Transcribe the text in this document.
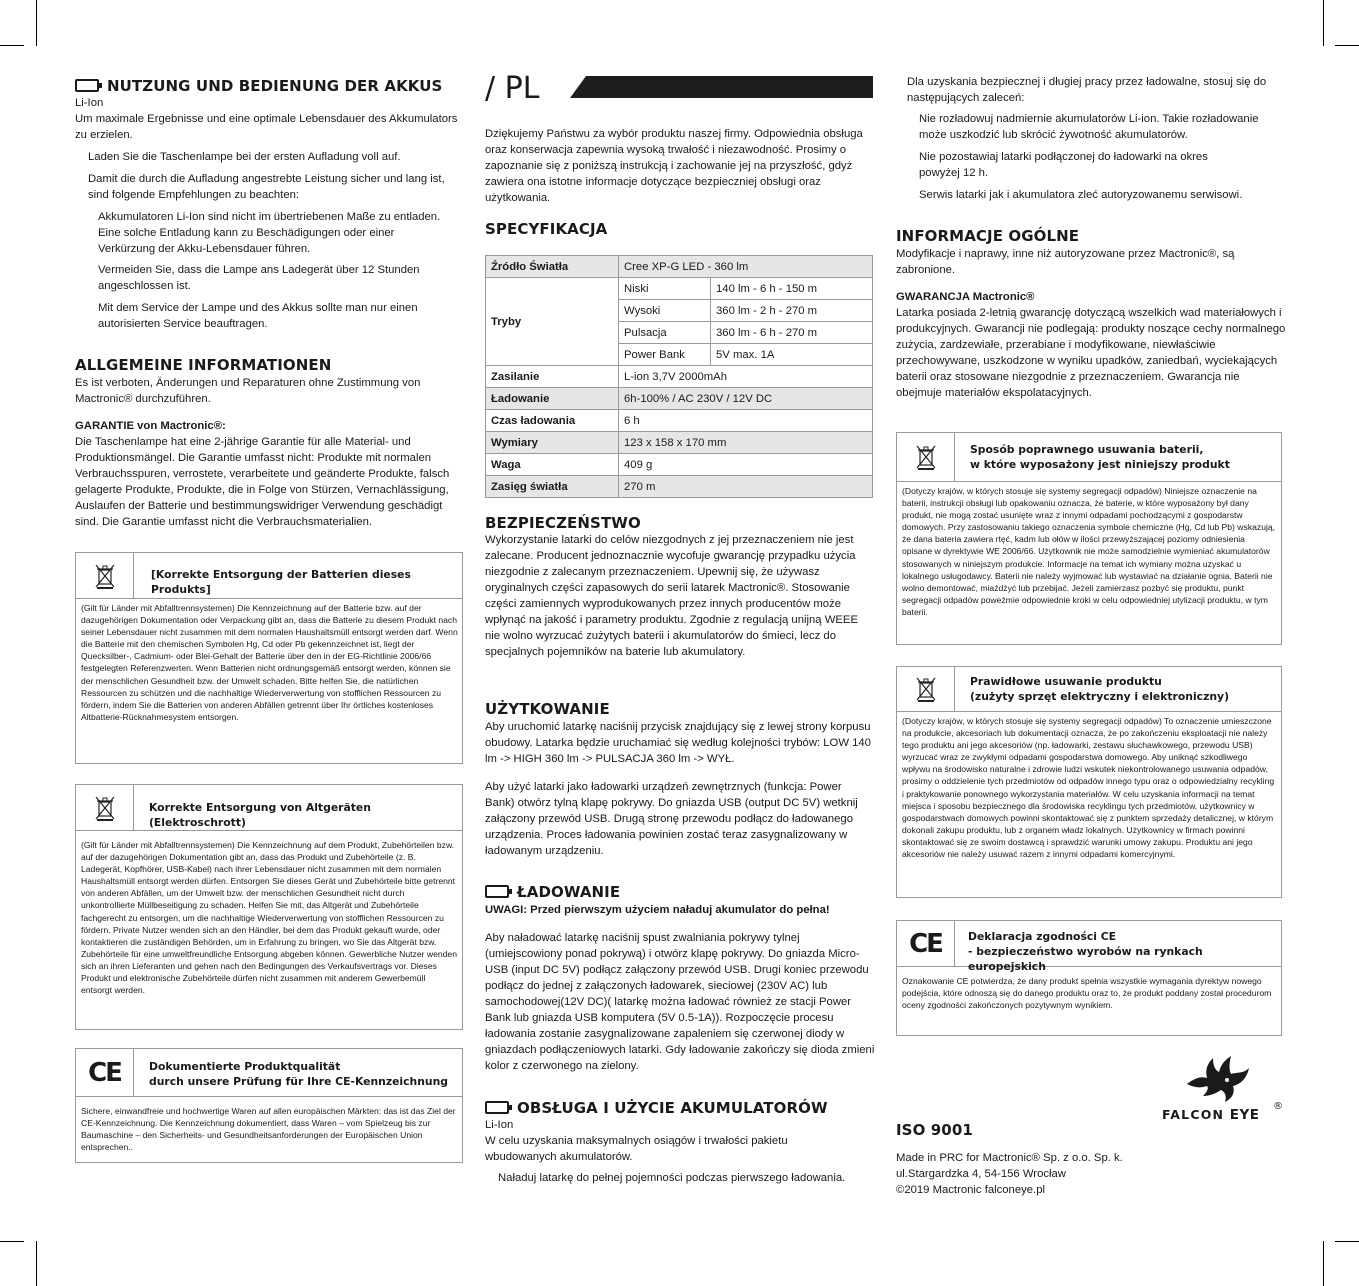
NUTZUNG UND BEDIENUNG DER AKKUS
Li-Ion
Um maximale Ergebnisse und eine optimale Lebensdauer des Akkumulators zu erzielen.
Laden Sie die Taschenlampe bei der ersten Aufladung voll auf.
Damit die durch die Aufladung angestrebte Leistung sicher und lang ist, sind folgende Empfehlungen zu beachten:
Akkumulatoren Li-Ion sind nicht im übertriebenen Maße zu entladen. Eine solche Entladung kann zu Beschädigungen oder einer Verkürzung der Akku-Lebensdauer führen.
Vermeiden Sie, dass die Lampe ans Ladegerät über 12 Stunden angeschlossen ist.
Mit dem Service der Lampe und des Akkus sollte man nur einen autorisierten Service beauftragen.
ALLGEMEINE INFORMATIONEN
Es ist verboten, Änderungen und Reparaturen ohne Zustimmung von Mactronic® durchzuführen.
GARANTIE von Mactronic®:
Die Taschenlampe hat eine 2-jährige Garantie für alle Material- und Produktionsmängel. Die Garantie umfasst nicht: Produkte mit normalen Verbrauchsspuren, verrostete, verarbeitete und geänderte Produkte, falsch gelagerte Produkte, Produkte, die in Folge von Stürzen, Vernachlässigung, Auslaufen der Batterie und bestimmungswidriger Verwendung geschädigt sind. Die Garantie umfasst nicht die Verbrauchsmaterialien.
[Korrekte Entsorgung der Batterien dieses Produkts]
(Gilt für Länder mit Abfalltrennsystemen) Die Kennzeichnung auf der Batterie bzw. auf der dazugehörigen Dokumentation oder Verpackung gibt an, dass die Batterie zu diesem Produkt nach seiner Lebensdauer nicht zusammen mit dem normalen Haushaltsmüll entsorgt werden darf. Wenn die Batterie mit den chemischen Symbolen Hg, Cd oder Pb gekennzeichnet ist, liegt der Quecksilber-, Cadmium- oder Blei-Gehalt der Batterie über den in der EG-Richtlinie 2006/66 festgelegten Referenzwerten. Wenn Batterien nicht ordnungsgemäß entsorgt werden, können sie der menschlichen Gesundheit bzw. der Umwelt schaden. Bitte helfen Sie, die natürlichen Ressourcen zu schützen und die nachhaltige Wiederverwertung von stofflichen Ressourcen zu fördern, indem Sie die Batterien von anderen Abfällen getrennt über Ihr örtliches kostenloses Altbatterie-Rücknahmesystem entsorgen.
Korrekte Entsorgung von Altgeräten (Elektroschrott)
(Gilt für Länder mit Abfalltrennsystemen) Die Kennzeichnung auf dem Produkt, Zubehörteilen bzw. auf der dazugehörigen Dokumentation gibt an, dass das Produkt und Zubehörteile (z. B. Ladegerät, Kopfhörer, USB-Kabel) nach ihrer Lebensdauer nicht zusammen mit dem normalen Haushaltsmüll entsorgt werden dürfen. Entsorgen Sie dieses Gerät und Zubehörteile bitte getrennt von anderen Abfällen, um der Umwelt bzw. der menschlichen Gesundheit nicht durch unkontrollierte Müllbeseitigung zu schaden. Helfen Sie mit, das Altgerät und Zubehörteile fachgerecht zu entsorgen, um die nachhaltige Wiederverwertung von stofflichen Ressourcen zu fördern. Private Nutzer wenden sich an den Händler, bei dem das Produkt gekauft wurde, oder kontaktieren die zuständigen Behörden, um in Erfahrung zu bringen, wo Sie das Altgerät bzw. Zubehörteile für eine umweltfreundliche Entsorgung abgeben können. Gewerbliche Nutzer wenden sich an ihren Lieferanten und gehen nach den Bedingungen des Verkaufsvertrags vor. Dieses Produkt und elektronische Zubehörteile dürfen nicht zusammen mit anderem Gewerbemüll entsorgt werden.
CE	Dokumentierte Produktqualität
durch unsere Prüfung für Ihre CE-Kennzeichnung
Sichere, einwandfreie und hochwertige Waren auf allen europäischen Märkten: das ist das Ziel der CE-Kennzeichnung. Die Kennzeichnung dokumentiert, dass Waren – vom Spielzeug bis zur Baumaschine – den Sicherheits- und Gesundheitsanforderungen der Europäischen Union entsprechen..
/ PL
Dziękujemy Państwu za wybór produktu naszej firmy. Odpowiednia obsługa oraz konserwacja zapewnia wysoką trwałość i niezawodność. Prosimy o zapoznanie się z poniższą instrukcją i zachowanie jej na przyszłość, gdyż zawiera ona istotne informacje dotyczące bezpieczniej obsługi oraz użytkowania.
SPECYFIKACJA
Źródło Światła	Cree XP-G LED - 360 lm	
Tryby	Niski	140 lm - 6 h - 150 m
	Wysoki	360 lm - 2 h - 270 m
	Pulsacja	360 lm - 6 h - 270 m
	Power Bank	5V max. 1A
Zasilanie	L-ion 3,7V 2000mAh	
Ładowanie	6h-100% / AC 230V / 12V DC	
Czas ładowania	6 h	
Wymiary	123 x 158 x 170 mm	
Waga	409 g	
Zasięg światła	270 m	
BEZPIECZEŃSTWO
Wykorzystanie latarki do celów niezgodnych z jej przeznaczeniem nie jest zalecane. Producent jednoznacznie wycofuje gwarancję przypadku użycia niezgodnie z zalecanym przeznaczeniem. Upewnij się, że używasz oryginalnych części zapasowych do serii latarek Mactronic®. Stosowanie części zamiennych wyprodukowanych przez innych producentów może wpłynąć na jakość i parametry produktu. Zgodnie z regulacją unijną WEEE nie wolno wyrzucać zużytych baterii i akumulatorów do śmieci, lecz do specjalnych pojemników na baterie lub akumulatory.
UŻYTKOWANIE
Aby uruchomić latarkę naciśnij przycisk znajdujący się z lewej strony korpusu obudowy. Latarka będzie uruchamiać się według kolejności trybów: LOW 140 lm -> HIGH 360 lm -> PULSACJA 360 lm -> WYŁ.
Aby użyć latarki jako ładowarki urządzeń zewnętrznych (funkcja: Power Bank) otwórz tylną klapę pokrywy. Do gniazda USB (output DC 5V) wetknij załączony przewód USB. Drugą stronę przewodu podłącz do ładowanego urządzenia. Proces ładowania powinien zostać teraz zasygnalizowany w ładowanym urządzeniu.
ŁADOWANIE
UWAGI: Przed pierwszym użyciem naładuj akumulator do pełna!
Aby naładować latarkę naciśnij spust zwalniania pokrywy tylnej (umiejscowiony ponad pokrywą) i otwórz klapę pokrywy. Do gniazda Micro-USB (input DC 5V) podłącz załączony przewód USB. Drugi koniec przewodu podłącz do jednej z załączonych ładowarek, sieciowej (230V AC) lub samochodowej(12V DC)( latarkę można ładować również ze stacji Power Bank lub gniazda USB komputera (5V 0.5-1A)). Rozpoczęcie procesu ładowania zostanie zasygnalizowane zapaleniem się czerwonej diody w gniazdach podłączeniowych latarki. Gdy ładowanie zakończy się dioda zmieni kolor z czerwonego na zielony.
OBSŁUGA I UŻYCIE AKUMULATORÓW
Li-Ion
W celu uzyskania maksymalnych osiągów i trwałości pakietu wbudowanych akumulatorów.
Naładuj latarkę do pełnej pojemności podczas pierwszego ładowania.
Dla uzyskania bezpiecznej i długiej pracy przez ładowalne, stosuj się do następujących zaleceń:
Nie rozładowuj nadmiernie akumulatorów Li-ion. Takie rozładowanie może uszkodzić lub skrócić żywotność akumulatorów.
Nie pozostawiaj latarki podłączonej do ładowarki na okres powyżej 12 h.
Serwis latarki jak i akumulatora zleć autoryzowanemu serwisowi.
INFORMACJE OGÓLNE
Modyfikacje i naprawy, inne niż autoryzowane przez Mactronic®, są zabronione.
GWARANCJA Mactronic®
Latarka posiada 2-letnią gwarancję dotyczącą wszelkich wad materiałowych i produkcyjnych. Gwarancji nie podlegają: produkty noszące cechy normalnego zużycia, zardzewiałe, przerabiane i modyfikowane, niewłaściwie przechowywane, uszkodzone w wyniku upadków, zaniedbań, wyciekających baterii oraz stosowane niezgodnie z przeznaczeniem. Gwarancja nie obejmuje materiałów ekspolatacyjnych.
Sposób poprawnego usuwania baterii,
w które wyposażony jest niniejszy produkt
(Dotyczy krajów, w których stosuje się systemy segregacji odpadów) Niniejsze oznaczenie na baterii, instrukcji obsługi lub opakowaniu oznacza, że baterie, w które wyposażony był dany produkt, nie mogą zostać usunięte wraz z innymi odpadami pochodzącymi z gospodarstw domowych. Przy zastosowaniu takiego oznaczenia symbole chemiczne (Hg, Cd lub Pb) wskazują, że dana bateria zawiera rtęć, kadm lub ołów w ilości przewyższającej poziomy odniesienia opisane w dyrektywie WE 2006/66. Użytkownik nie może samodzielnie wymieniać akumulatorów stosowanych w niniejszym produkcie. Informacje na temat ich wymiany można uzyskać u lokalnego usługodawcy. Baterii nie należy wyjmować lub wystawiać na działanie ognia. Baterii nie wolno demontować, miażdżyć lub przebijać. Jeżeli zamierzasz pozbyć się produktu, punkt segregacji odpadów poweźmie odpowiednie kroki w celu odpowiedniej utylizacji produktu, w tym baterii.
Prawidłowe usuwanie produktu
(zużyty sprzęt elektryczny i elektroniczny)
(Dotyczy krajów, w których stosuje się systemy segregacji odpadów) To oznaczenie umieszczone na produkcie, akcesoriach lub dokumentacji oznacza, że po zakończeniu eksploatacji nie należy tego produktu ani jego akcesoriów (np. ładowarki, zestawu słuchawkowego, przewodu USB) wyrzucać wraz ze zwykłymi odpadami gospodarstwa domowego. Aby uniknąć szkodliwego wpływu na środowisko naturalne i zdrowie ludzi wskutek niekontrolowanego usuwania odpadów, prosimy o oddzielenie tych przedmiotów od odpadów innego typu oraz o odpowiedzialny recykling i praktykowanie ponownego wykorzystania materiałów. W celu uzyskania informacji na temat miejsca i sposobu bezpiecznego dla środowiska recyklingu tych przedmiotów, użytkownicy w gospodarstwach domowych powinni skontaktować się z punktem sprzedaży detalicznej, w którym dokonali zakupu produktu, lub z organem władz lokalnych. Użytkownicy w firmach powinni skontaktować się ze swoim dostawcą i sprawdzić warunki umowy zakupu. Produktu ani jego akcesoriów nie należy usuwać razem z innymi odpadami komercyjnymi.
CE Deklaracja zgodności CE
- bezpieczeństwo wyrobów na rynkach europejskich
Oznakowanie CE potwierdza, że dany produkt spełnia wszystkie wymagania dyrektyw nowego podejścia, które odnoszą się do danego produktu oraz to, że produkt poddany został procedurom oceny zgodności zakończonych pozytywnym wynikiem.
FALCON EYE
®
ISO 9001
Made in PRC for Mactronic® Sp. z o.o. Sp. k.
ul.Stargardzka 4, 54-156 Wrocław
©2019 Mactronic falconeye.pl
